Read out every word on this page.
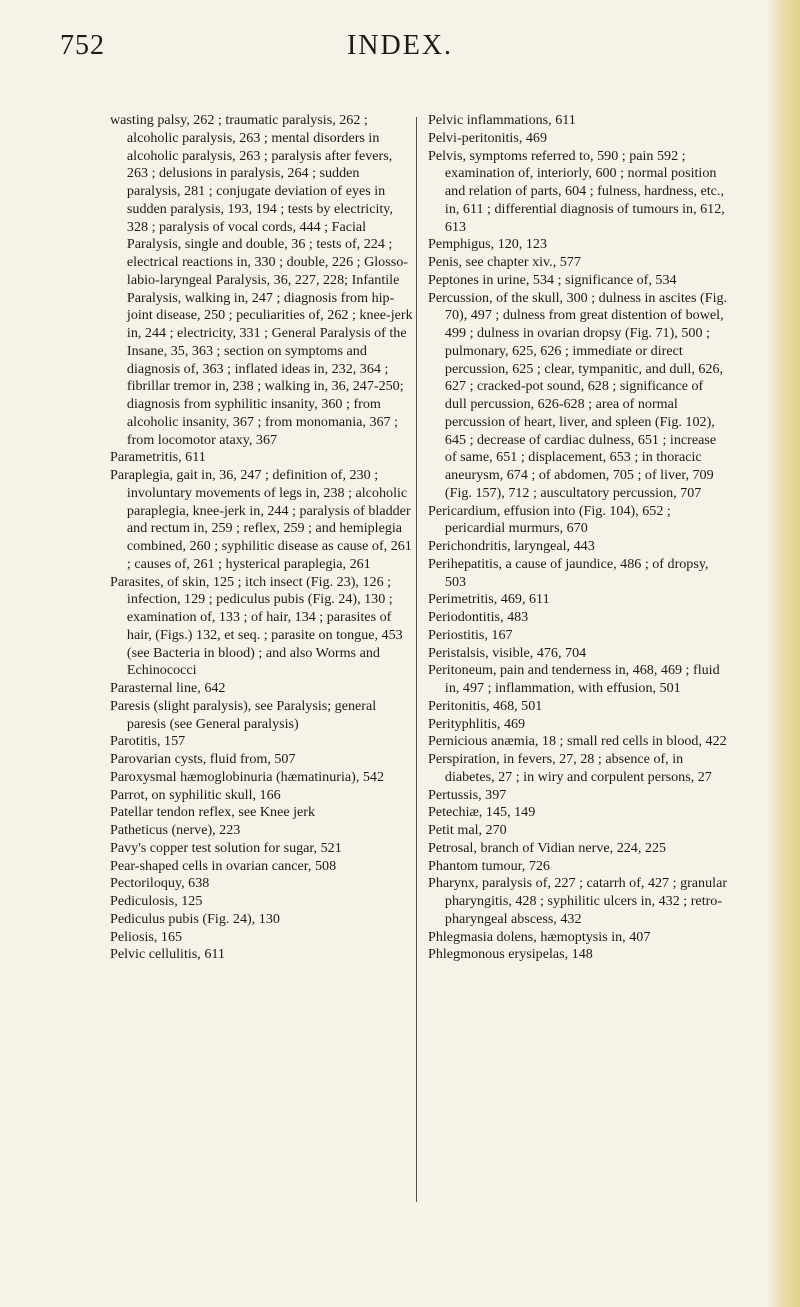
INDEX.
752

wasting palsy, 262 ; traumatic paralysis, 262 ; alcoholic paralysis, 263 ; mental disorders in alcoholic paralysis, 263 ; paralysis after fevers, 263 ; delusions in paralysis, 264 ; sudden paralysis, 281 ; conjugate deviation of eyes in sudden paralysis, 193, 194 ; tests by electricity, 328 ; paralysis of vocal cords, 444 ; Facial Paralysis, single and double, 36 ; tests of, 224 ; electrical reactions in, 330 ; double, 226 ; Glosso-labio-laryngeal Paralysis, 36, 227, 228; Infantile Paralysis, walking in, 247 ; diagnosis from hip-joint disease, 250 ; peculiarities of, 262 ; knee-jerk in, 244 ; electricity, 331 ; General Paralysis of the Insane, 35, 363 ; section on symptoms and diagnosis of, 363 ; inflated ideas in, 232, 364 ; fibrillar tremor in, 238 ; walking in, 36, 247-250; diagnosis from syphilitic insanity, 360 ; from alcoholic insanity, 367 ; from monomania, 367 ; from locomotor ataxy, 367

Parametritis, 611

Paraplegia, gait in, 36, 247 ; definition of, 230 ; involuntary movements of legs in, 238 ; alcoholic paraplegia, knee-jerk in, 244 ; paralysis of bladder and rectum in, 259 ; reflex, 259 ; and hemiplegia combined, 260 ; syphilitic disease as cause of, 261 ; causes of, 261 ; hysterical paraplegia, 261

Parasites, of skin, 125 ; itch insect (Fig. 23), 126 ; infection, 129 ; pediculus pubis (Fig. 24), 130 ; examination of, 133 ; of hair, 134 ; parasites of hair, (Figs.) 132, et seq. ; parasite on tongue, 453 (see Bacteria in blood) ; and also Worms and Echinococci

Parasternal line, 642

Paresis (slight paralysis), see Paralysis; general paresis (see General paralysis)

Parotitis, 157

Parovarian cysts, fluid from, 507

Paroxysmal hæmoglobinuria (hæmatinuria), 542

Parrot, on syphilitic skull, 166

Patellar tendon reflex, see Knee jerk

Patheticus (nerve), 223

Pavy's copper test solution for sugar, 521

Pear-shaped cells in ovarian cancer, 508

Pectoriloquy, 638

Pediculosis, 125

Pediculus pubis (Fig. 24), 130

Peliosis, 165

Pelvic cellulitis, 611

Pelvic inflammations, 611

Pelvi-peritonitis, 469

Pelvis, symptoms referred to, 590 ; pain 592 ; examination of, interiorly, 600 ; normal position and relation of parts, 604 ; fulness, hardness, etc., in, 611 ; differential diagnosis of tumours in, 612, 613

Pemphigus, 120, 123

Penis, see chapter xiv., 577

Peptones in urine, 534 ; significance of, 534

Percussion, of the skull, 300 ; dulness in ascites (Fig. 70), 497 ; dulness from great distention of bowel, 499 ; dulness in ovarian dropsy (Fig. 71), 500 ; pulmonary, 625, 626 ; immediate or direct percussion, 625 ; clear, tympanitic, and dull, 626, 627 ; cracked-pot sound, 628 ; significance of dull percussion, 626-628 ; area of normal percussion of heart, liver, and spleen (Fig. 102), 645 ; decrease of cardiac dulness, 651 ; increase of same, 651 ; displacement, 653 ; in thoracic aneurysm, 674 ; of abdomen, 705 ; of liver, 709 (Fig. 157), 712 ; auscultatory percussion, 707

Pericardium, effusion into (Fig. 104), 652 ; pericardial murmurs, 670

Perichondritis, laryngeal, 443

Perihepatitis, a cause of jaundice, 486 ; of dropsy, 503

Perimetritis, 469, 611

Periodontitis, 483

Periostitis, 167

Peristalsis, visible, 476, 704

Peritoneum, pain and tenderness in, 468, 469 ; fluid in, 497 ; inflammation, with effusion, 501

Peritonitis, 468, 501

Perityphlitis, 469

Pernicious anæmia, 18 ; small red cells in blood, 422

Perspiration, in fevers, 27, 28 ; absence of, in diabetes, 27 ; in wiry and corpulent persons, 27

Pertussis, 397

Petechiæ, 145, 149

Petit mal, 270

Petrosal, branch of Vidian nerve, 224, 225

Phantom tumour, 726

Pharynx, paralysis of, 227 ; catarrh of, 427 ; granular pharyngitis, 428 ; syphilitic ulcers in, 432 ; retro-pharyngeal abscess, 432

Phlegmasia dolens, hæmoptysis in, 407

Phlegmonous erysipelas, 148
